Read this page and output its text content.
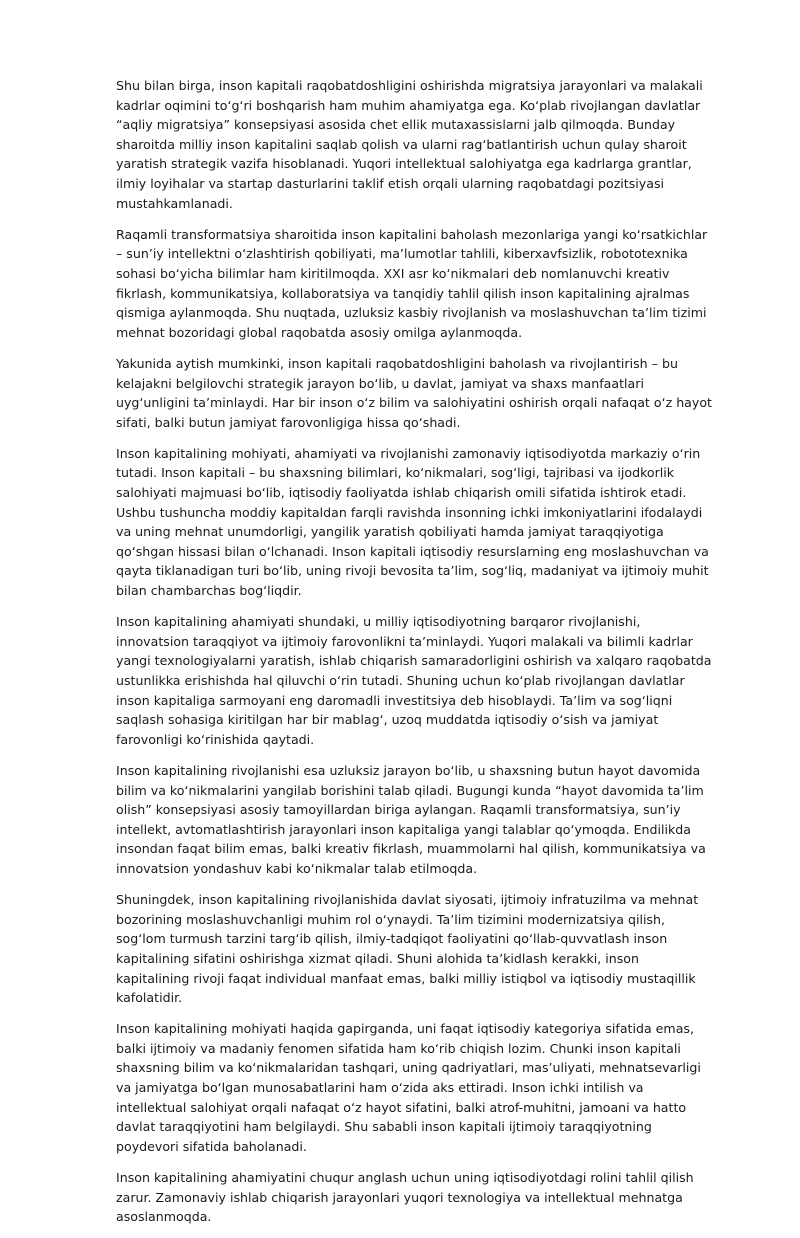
Shu bilan birga, inson kapitali raqobatdoshligini oshirishda migratsiya jarayonlari va malakali kadrlar oqimini to‘g‘ri boshqarish ham muhim ahamiyatga ega. Ko‘plab rivojlangan davlatlar “aqliy migratsiya” konsepsiyasi asosida chet ellik mutaxassislarni jalb qilmoqda. Bunday sharoitda milliy inson kapitalini saqlab qolish va ularni rag‘batlantirish uchun qulay sharoit yaratish strategik vazifa hisoblanadi. Yuqori intellektual salohiyatga ega kadrlarga grantlar, ilmiy loyihalar va startap dasturlarini taklif etish orqali ularning raqobatdagi pozitsiyasi mustahkamlanadi.

Raqamli transformatsiya sharoitida inson kapitalini baholash mezonlariga yangi ko‘rsatkichlar – sun’iy intellektni o‘zlashtirish qobiliyati, ma’lumotlar tahlili, kiberxavfsizlik, robototexnika sohasi bo‘yicha bilimlar ham kiritilmoqda. XXI asr ko‘nikmalari deb nomlanuvchi kreativ fikrlash, kommunikatsiya, kollaboratsiya va tanqidiy tahlil qilish inson kapitalining ajralmas qismiga aylanmoqda. Shu nuqtada, uzluksiz kasbiy rivojlanish va moslashuvchan ta’lim tizimi mehnat bozoridagi global raqobatda asosiy omilga aylanmoqda.

Yakunida aytish mumkinki, inson kapitali raqobatdoshligini baholash va rivojlantirish – bu kelajakni belgilovchi strategik jarayon bo‘lib, u davlat, jamiyat va shaxs manfaatlari uyg‘unligini ta’minlaydi. Har bir inson o‘z bilim va salohiyatini oshirish orqali nafaqat o‘z hayot sifati, balki butun jamiyat farovonligiga hissa qo‘shadi.

Inson kapitalining mohiyati, ahamiyati va rivojlanishi zamonaviy iqtisodiyotda markaziy o‘rin tutadi. Inson kapitali – bu shaxsning bilimlari, ko‘nikmalari, sog‘ligi, tajribasi va ijodkorlik salohiyati majmuasi bo‘lib, iqtisodiy faoliyatda ishlab chiqarish omili sifatida ishtirok etadi. Ushbu tushuncha moddiy kapitaldan farqli ravishda insonning ichki imkoniyatlarini ifodalaydi va uning mehnat unumdorligi, yangilik yaratish qobiliyati hamda jamiyat taraqqiyotiga qo‘shgan hissasi bilan o‘lchanadi. Inson kapitali iqtisodiy resurslarning eng moslashuvchan va qayta tiklanadigan turi bo‘lib, uning rivoji bevosita ta’lim, sog‘liq, madaniyat va ijtimoiy muhit bilan chambarchas bog‘liqdir.

Inson kapitalining ahamiyati shundaki, u milliy iqtisodiyotning barqaror rivojlanishi, innovatsion taraqqiyot va ijtimoiy farovonlikni ta’minlaydi. Yuqori malakali va bilimli kadrlar yangi texnologiyalarni yaratish, ishlab chiqarish samaradorligini oshirish va xalqaro raqobatda ustunlikka erishishda hal qiluvchi o‘rin tutadi. Shuning uchun ko‘plab rivojlangan davlatlar inson kapitaliga sarmoyani eng daromadli investitsiya deb hisoblaydi. Ta’lim va sog‘liqni saqlash sohasiga kiritilgan har bir mablag‘, uzoq muddatda iqtisodiy o‘sish va jamiyat farovonligi ko‘rinishida qaytadi.

Inson kapitalining rivojlanishi esa uzluksiz jarayon bo‘lib, u shaxsning butun hayot davomida bilim va ko‘nikmalarini yangilab borishini talab qiladi. Bugungi kunda “hayot davomida ta’lim olish” konsepsiyasi asosiy tamoyillardan biriga aylangan. Raqamli transformatsiya, sun’iy intellekt, avtomatlashtirish jarayonlari inson kapitaliga yangi talablar qo‘ymoqda. Endilikda insondan faqat bilim emas, balki kreativ fikrlash, muammolarni hal qilish, kommunikatsiya va innovatsion yondashuv kabi ko‘nikmalar talab etilmoqda.

Shuningdek, inson kapitalining rivojlanishida davlat siyosati, ijtimoiy infratuzilma va mehnat bozorining moslashuvchanligi muhim rol o‘ynaydi. Ta’lim tizimini modernizatsiya qilish, sog‘lom turmush tarzini targ‘ib qilish, ilmiy-tadqiqot faoliyatini qo‘llab-quvvatlash inson kapitalining sifatini oshirishga xizmat qiladi. Shuni alohida ta’kidlash kerakki, inson kapitalining rivoji faqat individual manfaat emas, balki milliy istiqbol va iqtisodiy mustaqillik kafolatidir.

Inson kapitalining mohiyati haqida gapirganda, uni faqat iqtisodiy kategoriya sifatida emas, balki ijtimoiy va madaniy fenomen sifatida ham ko‘rib chiqish lozim. Chunki inson kapitali shaxsning bilim va ko‘nikmalaridan tashqari, uning qadriyatlari, mas’uliyati, mehnatsevarligi va jamiyatga bo‘lgan munosabatlarini ham o‘zida aks ettiradi. Inson ichki intilish va intellektual salohiyat orqali nafaqat o‘z hayot sifatini, balki atrof-muhitni, jamoani va hatto davlat taraqqiyotini ham belgilaydi. Shu sababli inson kapitali ijtimoiy taraqqiyotning poydevori sifatida baholanadi.

Inson kapitalining ahamiyatini chuqur anglash uchun uning iqtisodiyotdagi rolini tahlil qilish zarur. Zamonaviy ishlab chiqarish jarayonlari yuqori texnologiya va intellektual mehnatga asoslanmoqda.
